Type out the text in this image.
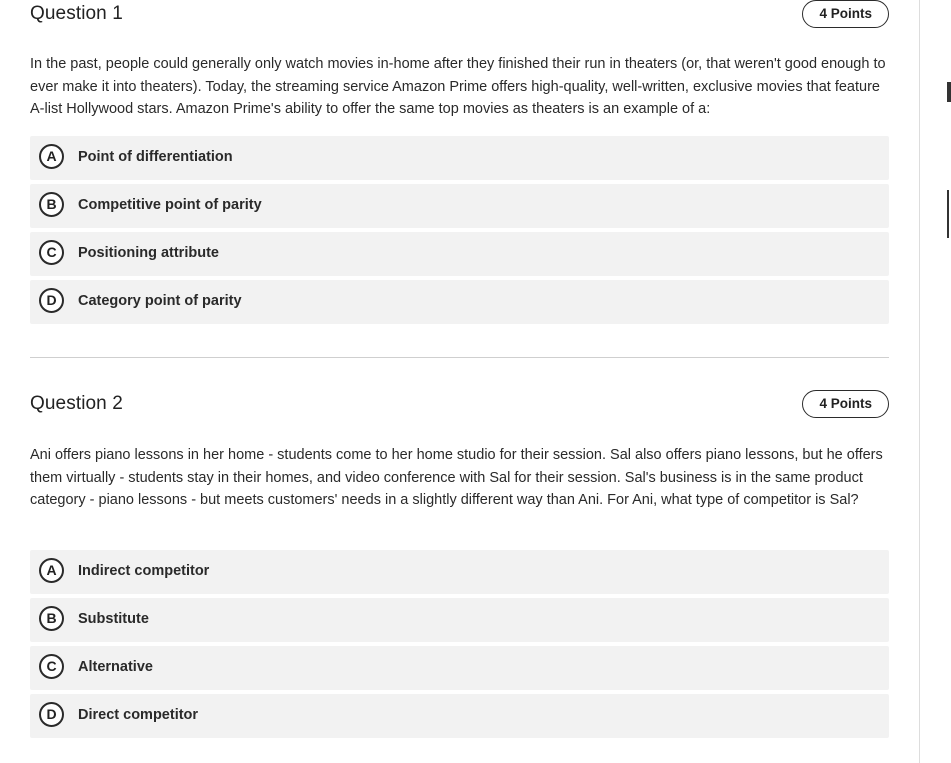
Question 1	4 Points

In the past, people could generally only watch movies in-home after they finished their run in theaters (or, that weren't good enough to ever make it into theaters). Today, the streaming service Amazon Prime offers high-quality, well-written, exclusive movies that feature A-list Hollywood stars. Amazon Prime's ability to offer the same top movies as theaters is an example of a:

A	Point of differentiation
B	Competitive point of parity
C	Positioning attribute
D	Category point of parity
Question 2	4 Points

Ani offers piano lessons in her home - students come to her home studio for their session. Sal also offers piano lessons, but he offers them virtually - students stay in their homes, and video conference with Sal for their session. Sal's business is in the same product category - piano lessons - but meets customers' needs in a slightly different way than Ani. For Ani, what type of competitor is Sal?

A	Indirect competitor
B	Substitute
C	Alternative
D	Direct competitor
